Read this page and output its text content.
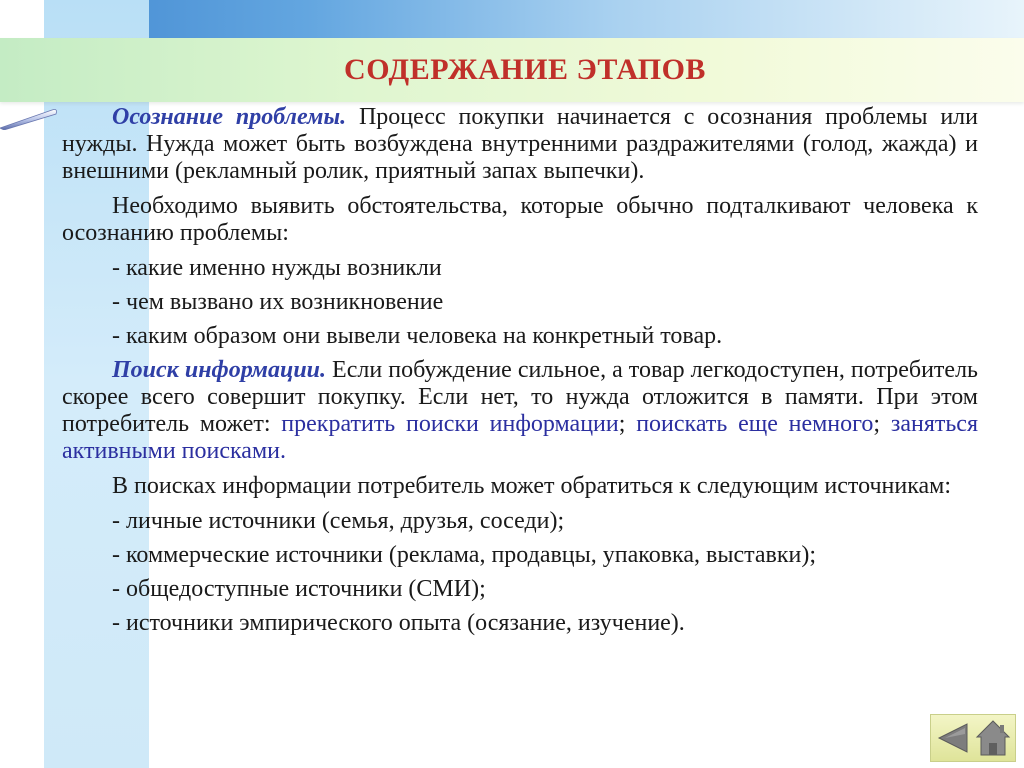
СОДЕРЖАНИЕ ЭТАПОВ

Осознание проблемы. Процесс покупки начинается с осознания проблемы или нужды. Нужда может быть возбуждена внутренними раздражителями (голод, жажда) и внешними (рекламный ролик, приятный запах выпечки).

Необходимо выявить обстоятельства, которые обычно подталкивают человека к осознанию проблемы:

- какие именно нужды возникли
- чем вызвано их возникновение
- каким образом они вывели человека на конкретный товар.

Поиск информации. Если побуждение сильное, а товар легкодоступен, потребитель скорее всего совершит покупку. Если нет, то нужда отложится в памяти. При этом потребитель может: прекратить поиски информации; поискать еще немного; заняться активными поисками.

В поисках информации потребитель может обратиться к следующим источникам:

- личные источники (семья, друзья, соседи);
- коммерческие источники (реклама, продавцы, упаковка, выставки);
- общедоступные источники (СМИ);
- источники эмпирического опыта (осязание, изучение).
